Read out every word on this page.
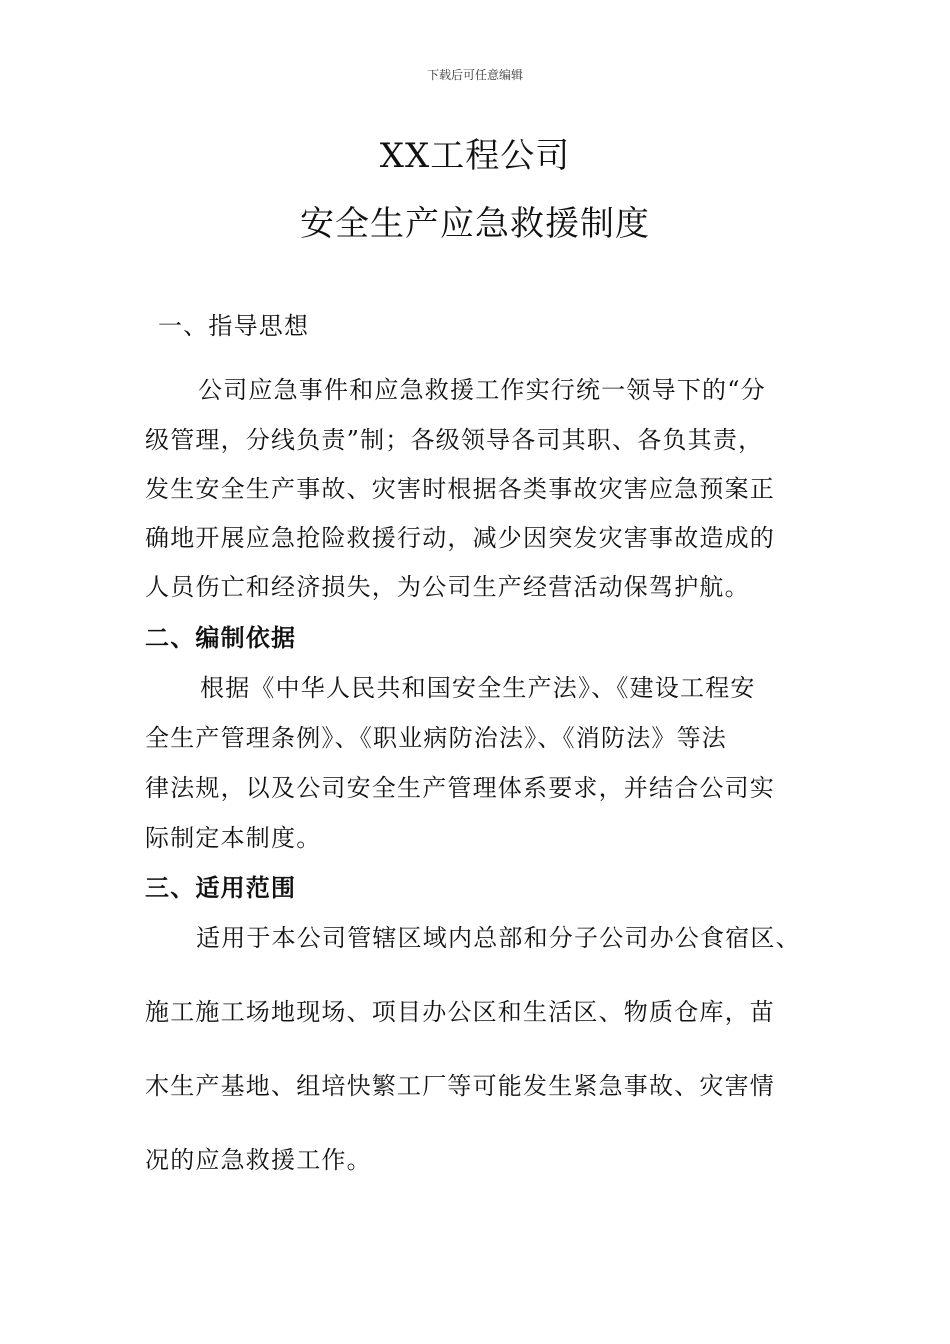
下载后可任意编辑
XX工程公司
安全生产应急救援制度

一、指导思想

公司应急事件和应急救援工作实行统一领导下的“分

级管理，分线负责”制；各级领导各司其职、各负其责，

发生安全生产事故、灾害时根据各类事故灾害应急预案正

确地开展应急抢险救援行动，减少因突发灾害事故造成的

人员伤亡和经济损失，为公司生产经营活动保驾护航。

二、编制依据

根据《中华人民共和国安全生产法》、《建设工程安

全生产管理条例》、《职业病防治法》、《消防法》等法

律法规，以及公司安全生产管理体系要求，并结合公司实

际制定本制度。

三、适用范围

适用于本公司管辖区域内总部和分子公司办公食宿区、

施工施工场地现场、项目办公区和生活区、物质仓库，苗

木生产基地、组培快繁工厂等可能发生紧急事故、灾害情

况的应急救援工作。
